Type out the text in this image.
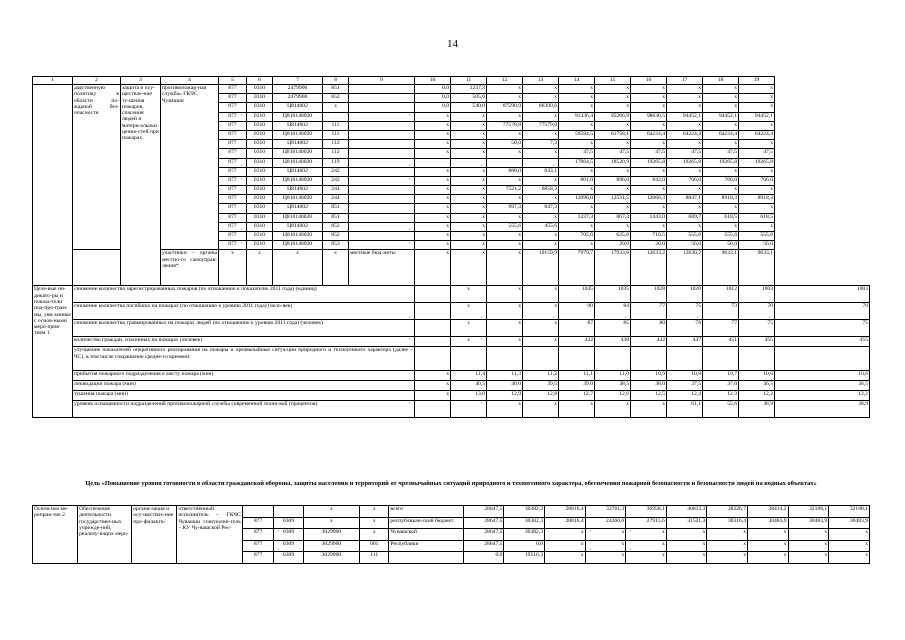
14
1	2	3	4	5	6	7	8	9	10	11	12	13	14	15	16	17	18	19	
	дарственную политику в области по-жарной без-опасности	защита и осу-ществле-ние ту-шения пожаров, спасения людей и матери-альных ценно-стей при пожарах	противопожар-ная служба» ГКЧС Чувашии	877	0310	2479900	851		0,0	1237,3	x	x	x	x	x	x	x	x	
				877	0310	2479900	852		0,0	505,6	x	x	x	x	x	x	x	x	
				877	0310	Ц814002	x		0,0	540,0	87590,9	86390,6	x	x	x	x	x	x	
				877	0310	Ц810140020			x	x	x	x	91336,4	95266,9	98630,5	94452,1	94452,1	94452,1	
				877	0310	Ц814002	111		x	x	77578,8	77579,0	x	x	x	x	x	x	
				877	0310	Ц810140020	111		x	x	x	x	59584,5	61758,1	64224,4	64224,4	64224,4	64224,4	
				877	0310	Ц814002	112		x	x	50,0	7,3	x	x	x	x	x	x	
				877	0310	Ц810140020	112		x	x	x	x	47,5	47,5	47,5	47,5	47,5	47,5	
				877	0310	Ц810140020	119						17864,5	18520,9	19265,8	19265,8	19265,8	19265,8	
				877	0310	Ц814002	242		x	x	888,0	643,1	x	x	x	x	x	x	
				877	0310	Ц810140020	242		x	x	x	x	801,0	896,0	843,0	766,0	766,0	766,0	
				877	0310	Ц814002	244		x	x	7521,2	6858,3	x	x	x	x	x	x	
				877	0310	Ц810140020	244		x	x	x	x	11096,0	12531,5	12066,3	8847,1	8918,3	8918,3	
				877	0310	Ц814002	851		x	x	997,3	847,3	x	x	x	x	x	x	
				877	0310	Ц810140020	851		x	x	x	x	1237,3	867,3	1443,0	689,7	618,5	618,5	
				877	0310	Ц814002	852		x	x	555,6	455,6	x	x	x	x	x	x	
				877	0310	Ц810140020	852		x	x	x	x	705,6	625,6	710,5	555,6	555,6	555,6	
				877	0310	Ц810140020	853		x	x	x	x	x	20,0	30,0	56,0	56,0	56,0	
			участники – органы местно-го самоуправ-ления*	x	x	x	x	местные бюд-жеты	x	x	x	10159,9	7979,7	17933,8	12633,2	12630,2	9633,1	9633,1	
Целе-вые ин-дикато-ры и показа-тели под-про-грам-мы, увя-занные с основ-ными меро-прия-тием 1	снижение количества зарегистрированных пожаров (по отношению к показателю 2011 года) (единиц)									x	x	x	1045	1035	1028	1020	1012	1003	1003
	снижение количества погибших на пожарах (по отношению к уровню 2011 года) (чело-век)									x	x	x	90	84	77	75	73	70	70
	снижение количества травмированных на пожарах людей (по отношению к уровню 2011 года) (человек)									x	x	x	87	85	80	78	77	75	75
	количество граждан, спасенных на пожарах (человек)									x	x	x	432	438	442	447	451	455	455
	улучшение показателей оперативного реагирования на пожары и чрезвычайные ситуа-ции природного и техногенного характера (далее – ЧС), в том числе сокращение средне-го времени:																		
	прибытия пожарного подразделения к месту пожара (мин)								x	11,4	11,3	11,2	11,1	11,0	10,9	10,8	10,7	10,6	10,6
	ликвидации пожара (мин)								x	40,5	40,0	39,5	39,0	38,5	38,0	37,5	37,0	36,5	36,5
	тушения пожара (мин)								x	13,0	12,9	12,8	12,7	12,6	12,5	12,4	12,3	12,2	12,2
	уровень оснащенности подразделений противопожарной службы современной техни-кой (процентов)										x	x	x	x	x	61,1	55,6	38,9	38,9
Цель «Повышение уровня готовности в области гражданской обороны, защиты населения и территорий от чрезвычайных ситуаций природного и техногенного характера, обеспечения пожарной безопасности и безопасности людей на водных объектах»
Основ-ное ме-роприя-тие 2	Обеспечение деятельности государствен-ных учрежде-ний, реализу-ющих меро-	органи-зация и осу-ществле-ние про-филакти-	ответственный исполнитель – ГКЧС Чувашии соисполни-тель – КУ Чу-вашской Рес-			x	x	всего	28647,5	30382,3	28816,4	33761,3	36958,1	40812,3	38226,7	38414,2	32188,1	32188,1
				877	0309	x	x	республикан-ский бюджет	28647,5	30382,3	28816,4	24260,6	27915,6	31521,3	30316,4	30483,9	30483,9	30483,9
				877	0309	3029900	x	Чувашской	28647,5	30382,3	x	x	x	x	x	x	x	x
				877	0309	3029900	001	Республики	28647,5	0,0	x	x	x	x	x	x	x	x
				877	0309	3029900	111		0,0	19516,3	x	x	x	x	x	x	x	x
